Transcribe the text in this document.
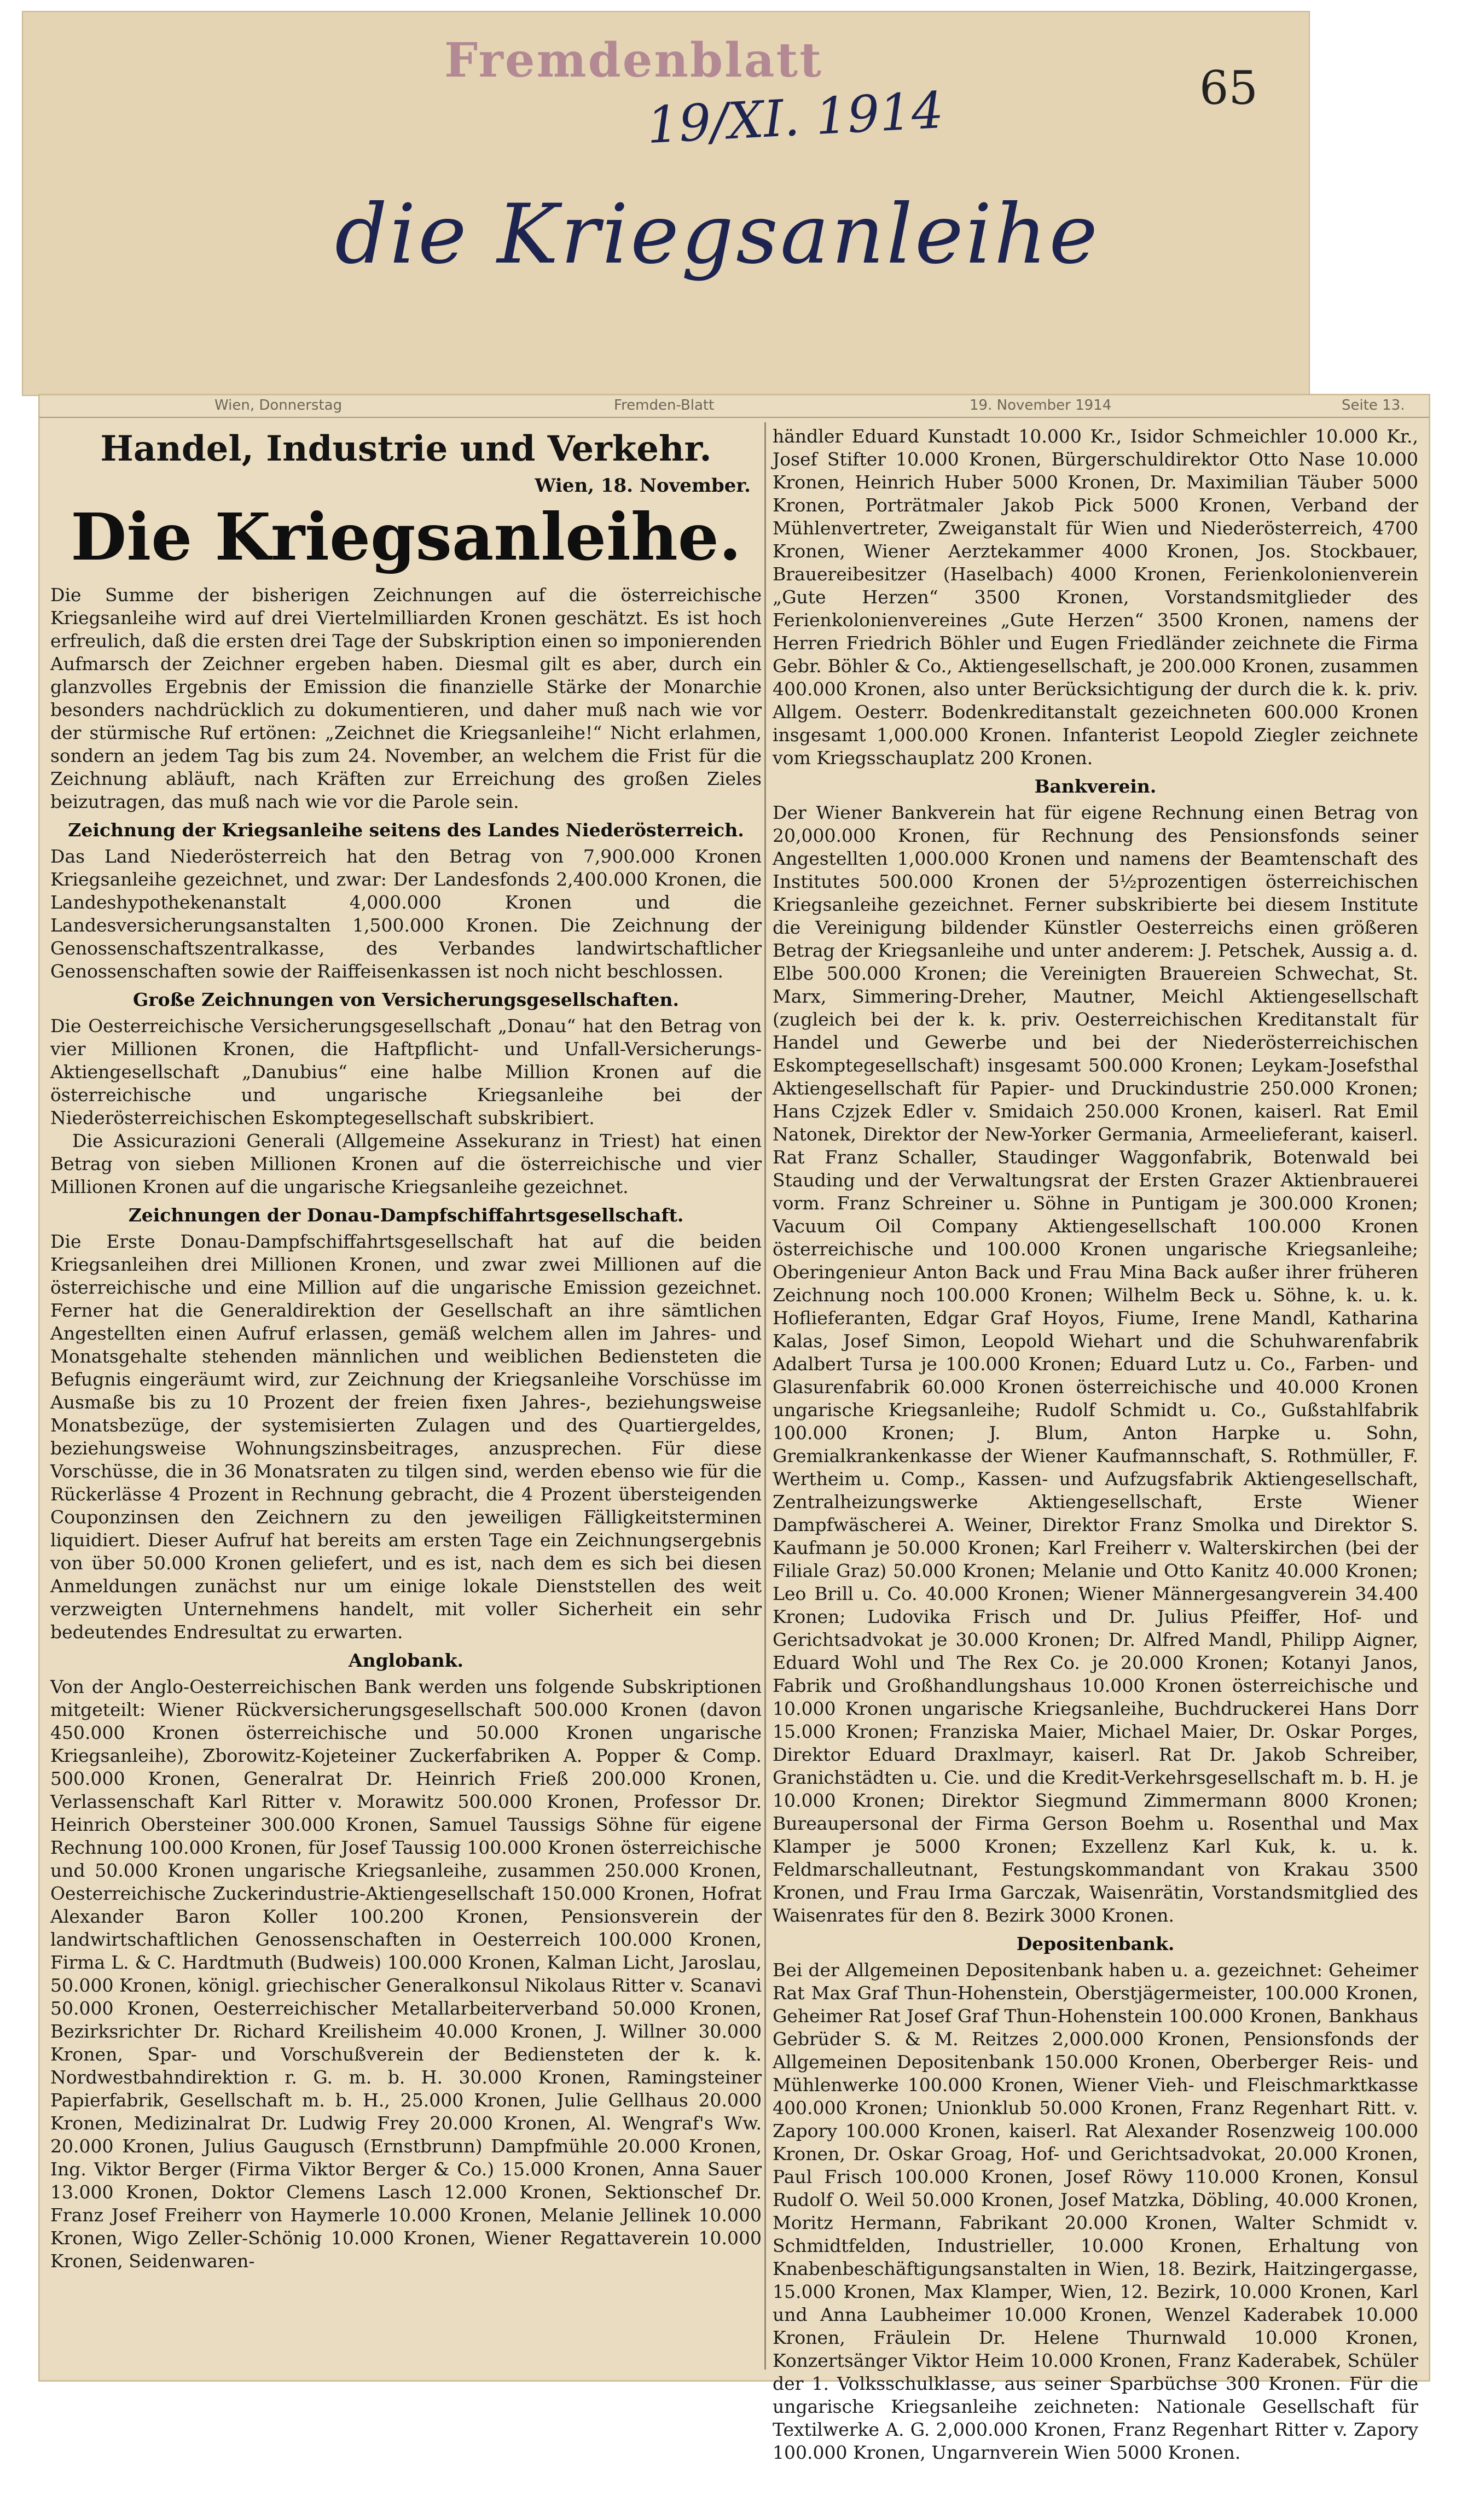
Fremdenblatt
19/XI. 1914	65
die Kriegsanleihe
Wien, Donnerstag	Fremden-Blatt	19. November 1914	Seite 13.
Handel, Industrie und Verkehr.
Wien, 18. November.
Die Kriegsanleihe.

Die Summe der bisherigen Zeichnungen auf die österreichische Kriegsanleihe wird auf drei Viertelmilliarden Kronen geschätzt. Es ist hoch erfreulich, daß die ersten drei Tage der Subskription einen so imponierenden Aufmarsch der Zeichner ergeben haben. Diesmal gilt es aber, durch ein glanzvolles Ergebnis der Emission die finanzielle Stärke der Monarchie besonders nachdrücklich zu dokumentieren, und daher muß nach wie vor der stürmische Ruf ertönen: „Zeichnet die Kriegsanleihe!“ Nicht erlahmen, sondern an jedem Tag bis zum 24. November, an welchem die Frist für die Zeichnung abläuft, nach Kräften zur Erreichung des großen Zieles beizutragen, das muß nach wie vor die Parole sein.

Zeichnung der Kriegsanleihe seitens des Landes Niederösterreich.

Das Land Niederösterreich hat den Betrag von 7,900.000 Kronen Kriegsanleihe gezeichnet, und zwar: Der Landesfonds 2,400.000 Kronen, die Landeshypothekenanstalt 4,000.000 Kronen und die Landesversicherungsanstalten 1,500.000 Kronen. Die Zeichnung der Genossenschaftszentralkasse, des Verbandes landwirtschaftlicher Genossenschaften sowie der Raiffeisenkassen ist noch nicht beschlossen.

Große Zeichnungen von Versicherungsgesellschaften.

Die Oesterreichische Versicherungsgesellschaft „Donau“ hat den Betrag von vier Millionen Kronen, die Haftpflicht- und Unfall-Versicherungs-Aktiengesellschaft „Danubius“ eine halbe Million Kronen auf die österreichische und ungarische Kriegsanleihe bei der Niederösterreichischen Eskomptegesellschaft subskribiert.

Die Assicurazioni Generali (Allgemeine Assekuranz in Triest) hat einen Betrag von sieben Millionen Kronen auf die österreichische und vier Millionen Kronen auf die ungarische Kriegsanleihe gezeichnet.

Zeichnungen der Donau-Dampfschiffahrtsgesellschaft.

Die Erste Donau-Dampfschiffahrtsgesellschaft hat auf die beiden Kriegsanleihen drei Millionen Kronen, und zwar zwei Millionen auf die österreichische und eine Million auf die ungarische Emission gezeichnet. Ferner hat die Generaldirektion der Gesellschaft an ihre sämtlichen Angestellten einen Aufruf erlassen, gemäß welchem allen im Jahres- und Monatsgehalte stehenden männlichen und weiblichen Bediensteten die Befugnis eingeräumt wird, zur Zeichnung der Kriegsanleihe Vorschüsse im Ausmaße bis zu 10 Prozent der freien fixen Jahres-, beziehungsweise Monatsbezüge, der systemisierten Zulagen und des Quartiergeldes, beziehungsweise Wohnungszinsbeitrages, anzusprechen. Für diese Vorschüsse, die in 36 Monatsraten zu tilgen sind, werden ebenso wie für die Rückerlässe 4 Prozent in Rechnung gebracht, die 4 Prozent übersteigenden Couponzinsen den Zeichnern zu den jeweiligen Fälligkeitsterminen liquidiert. Dieser Aufruf hat bereits am ersten Tage ein Zeichnungsergebnis von über 50.000 Kronen geliefert, und es ist, nach dem es sich bei diesen Anmeldungen zunächst nur um einige lokale Dienststellen des weit verzweigten Unternehmens handelt, mit voller Sicherheit ein sehr bedeutendes Endresultat zu erwarten.

Anglobank.

Von der Anglo-Oesterreichischen Bank werden uns folgende Subskriptionen mitgeteilt: Wiener Rückversicherungsgesellschaft 500.000 Kronen (davon 450.000 Kronen österreichische und 50.000 Kronen ungarische Kriegsanleihe), Zborowitz-Kojeteiner Zuckerfabriken A. Popper & Comp. 500.000 Kronen, Generalrat Dr. Heinrich Frieß 200.000 Kronen, Verlassenschaft Karl Ritter v. Morawitz 500.000 Kronen, Professor Dr. Heinrich Obersteiner 300.000 Kronen, Samuel Taussigs Söhne für eigene Rechnung 100.000 Kronen, für Josef Taussig 100.000 Kronen österreichische und 50.000 Kronen ungarische Kriegsanleihe, zusammen 250.000 Kronen, Oesterreichische Zuckerindustrie-Aktiengesellschaft 150.000 Kronen, Hofrat Alexander Baron Koller 100.200 Kronen, Pensionsverein der landwirtschaftlichen Genossenschaften in Oesterreich 100.000 Kronen, Firma L. & C. Hardtmuth (Budweis) 100.000 Kronen, Kalman Licht, Jaroslau, 50.000 Kronen, königl. griechischer Generalkonsul Nikolaus Ritter v. Scanavi 50.000 Kronen, Oesterreichischer Metallarbeiterverband 50.000 Kronen, Bezirksrichter Dr. Richard Kreilisheim 40.000 Kronen, J. Willner 30.000 Kronen, Spar- und Vorschußverein der Bediensteten der k. k. Nordwestbahndirektion r. G. m. b. H. 30.000 Kronen, Ramingsteiner Papierfabrik, Gesellschaft m. b. H., 25.000 Kronen, Julie Gellhaus 20.000 Kronen, Medizinalrat Dr. Ludwig Frey 20.000 Kronen, Al. Wengraf's Ww. 20.000 Kronen, Julius Gaugusch (Ernstbrunn) Dampfmühle 20.000 Kronen, Ing. Viktor Berger (Firma Viktor Berger & Co.) 15.000 Kronen, Anna Sauer 13.000 Kronen, Doktor Clemens Lasch 12.000 Kronen, Sektionschef Dr. Franz Josef Freiherr von Haymerle 10.000 Kronen, Melanie Jellinek 10.000 Kronen, Wigo Zeller-Schönig 10.000 Kronen, Wiener Regattaverein 10.000 Kronen, Seidenwaren-

händler Eduard Kunstadt 10.000 Kr., Isidor Schmeichler 10.000 Kr., Josef Stifter 10.000 Kronen, Bürgerschuldirektor Otto Nase 10.000 Kronen, Heinrich Huber 5000 Kronen, Dr. Maximilian Täuber 5000 Kronen, Porträtmaler Jakob Pick 5000 Kronen, Verband der Mühlenvertreter, Zweiganstalt für Wien und Niederösterreich, 4700 Kronen, Wiener Aerztekammer 4000 Kronen, Jos. Stockbauer, Brauereibesitzer (Haselbach) 4000 Kronen, Ferienkolonienverein „Gute Herzen“ 3500 Kronen, Vorstandsmitglieder des Ferienkolonienvereines „Gute Herzen“ 3500 Kronen, namens der Herren Friedrich Böhler und Eugen Friedländer zeichnete die Firma Gebr. Böhler & Co., Aktiengesellschaft, je 200.000 Kronen, zusammen 400.000 Kronen, also unter Berücksichtigung der durch die k. k. priv. Allgem. Oesterr. Bodenkreditanstalt gezeichneten 600.000 Kronen insgesamt 1,000.000 Kronen. Infanterist Leopold Ziegler zeichnete vom Kriegsschauplatz 200 Kronen.

Bankverein.

Der Wiener Bankverein hat für eigene Rechnung einen Betrag von 20,000.000 Kronen, für Rechnung des Pensionsfonds seiner Angestellten 1,000.000 Kronen und namens der Beamtenschaft des Institutes 500.000 Kronen der 5½prozentigen österreichischen Kriegsanleihe gezeichnet. Ferner subskribierte bei diesem Institute die Vereinigung bildender Künstler Oesterreichs einen größeren Betrag der Kriegsanleihe und unter anderem: J. Petschek, Aussig a. d. Elbe 500.000 Kronen; die Vereinigten Brauereien Schwechat, St. Marx, Simmering-Dreher, Mautner, Meichl Aktiengesellschaft (zugleich bei der k. k. priv. Oesterreichischen Kreditanstalt für Handel und Gewerbe und bei der Niederösterreichischen Eskomptegesellschaft) insgesamt 500.000 Kronen; Leykam-Josefsthal Aktiengesellschaft für Papier- und Druckindustrie 250.000 Kronen; Hans Czjzek Edler v. Smidaich 250.000 Kronen, kaiserl. Rat Emil Natonek, Direktor der New-Yorker Germania, Armeelieferant, kaiserl. Rat Franz Schaller, Staudinger Waggonfabrik, Botenwald bei Stauding und der Verwaltungsrat der Ersten Grazer Aktienbrauerei vorm. Franz Schreiner u. Söhne in Puntigam je 300.000 Kronen; Vacuum Oil Company Aktiengesellschaft 100.000 Kronen österreichische und 100.000 Kronen ungarische Kriegsanleihe; Oberingenieur Anton Back und Frau Mina Back außer ihrer früheren Zeichnung noch 100.000 Kronen; Wilhelm Beck u. Söhne, k. u. k. Hoflieferanten, Edgar Graf Hoyos, Fiume, Irene Mandl, Katharina Kalas, Josef Simon, Leopold Wiehart und die Schuhwarenfabrik Adalbert Tursa je 100.000 Kronen; Eduard Lutz u. Co., Farben- und Glasurenfabrik 60.000 Kronen österreichische und 40.000 Kronen ungarische Kriegsanleihe; Rudolf Schmidt u. Co., Gußstahlfabrik 100.000 Kronen; J. Blum, Anton Harpke u. Sohn, Gremialkrankenkasse der Wiener Kaufmannschaft, S. Rothmüller, F. Wertheim u. Comp., Kassen- und Aufzugsfabrik Aktiengesellschaft, Zentralheizungswerke Aktiengesellschaft, Erste Wiener Dampfwäscherei A. Weiner, Direktor Franz Smolka und Direktor S. Kaufmann je 50.000 Kronen; Karl Freiherr v. Walterskirchen (bei der Filiale Graz) 50.000 Kronen; Melanie und Otto Kanitz 40.000 Kronen; Leo Brill u. Co. 40.000 Kronen; Wiener Männergesangverein 34.400 Kronen; Ludovika Frisch und Dr. Julius Pfeiffer, Hof- und Gerichtsadvokat je 30.000 Kronen; Dr. Alfred Mandl, Philipp Aigner, Eduard Wohl und The Rex Co. je 20.000 Kronen; Kotanyi Janos, Fabrik und Großhandlungshaus 10.000 Kronen österreichische und 10.000 Kronen ungarische Kriegsanleihe, Buchdruckerei Hans Dorr 15.000 Kronen; Franziska Maier, Michael Maier, Dr. Oskar Porges, Direktor Eduard Draxlmayr, kaiserl. Rat Dr. Jakob Schreiber, Granichstädten u. Cie. und die Kredit-Verkehrsgesellschaft m. b. H. je 10.000 Kronen; Direktor Siegmund Zimmermann 8000 Kronen; Bureaupersonal der Firma Gerson Boehm u. Rosenthal und Max Klamper je 5000 Kronen; Exzellenz Karl Kuk, k. u. k. Feldmarschalleutnant, Festungskommandant von Krakau 3500 Kronen, und Frau Irma Garczak, Waisenrätin, Vorstandsmitglied des Waisenrates für den 8. Bezirk 3000 Kronen.

Depositenbank.

Bei der Allgemeinen Depositenbank haben u. a. gezeichnet: Geheimer Rat Max Graf Thun-Hohenstein, Oberstjägermeister, 100.000 Kronen, Geheimer Rat Josef Graf Thun-Hohenstein 100.000 Kronen, Bankhaus Gebrüder S. & M. Reitzes 2,000.000 Kronen, Pensionsfonds der Allgemeinen Depositenbank 150.000 Kronen, Oberberger Reis- und Mühlenwerke 100.000 Kronen, Wiener Vieh- und Fleischmarktkasse 400.000 Kronen; Unionklub 50.000 Kronen, Franz Regenhart Ritt. v. Zapory 100.000 Kronen, kaiserl. Rat Alexander Rosenzweig 100.000 Kronen, Dr. Oskar Groag, Hof- und Gerichtsadvokat, 20.000 Kronen, Paul Frisch 100.000 Kronen, Josef Röwy 110.000 Kronen, Konsul Rudolf O. Weil 50.000 Kronen, Josef Matzka, Döbling, 40.000 Kronen, Moritz Hermann, Fabrikant 20.000 Kronen, Walter Schmidt v. Schmidtfelden, Industrieller, 10.000 Kronen, Erhaltung von Knabenbeschäftigungsanstalten in Wien, 18. Bezirk, Haitzingergasse, 15.000 Kronen, Max Klamper, Wien, 12. Bezirk, 10.000 Kronen, Karl und Anna Laubheimer 10.000 Kronen, Wenzel Kaderabek 10.000 Kronen, Fräulein Dr. Helene Thurnwald 10.000 Kronen, Konzertsänger Viktor Heim 10.000 Kronen, Franz Kaderabek, Schüler der 1. Volksschulklasse, aus seiner Sparbüchse 300 Kronen. Für die ungarische Kriegsanleihe zeichneten: Nationale Gesellschaft für Textilwerke A. G. 2,000.000 Kronen, Franz Regenhart Ritter v. Zapory 100.000 Kronen, Ungarnverein Wien 5000 Kronen.
